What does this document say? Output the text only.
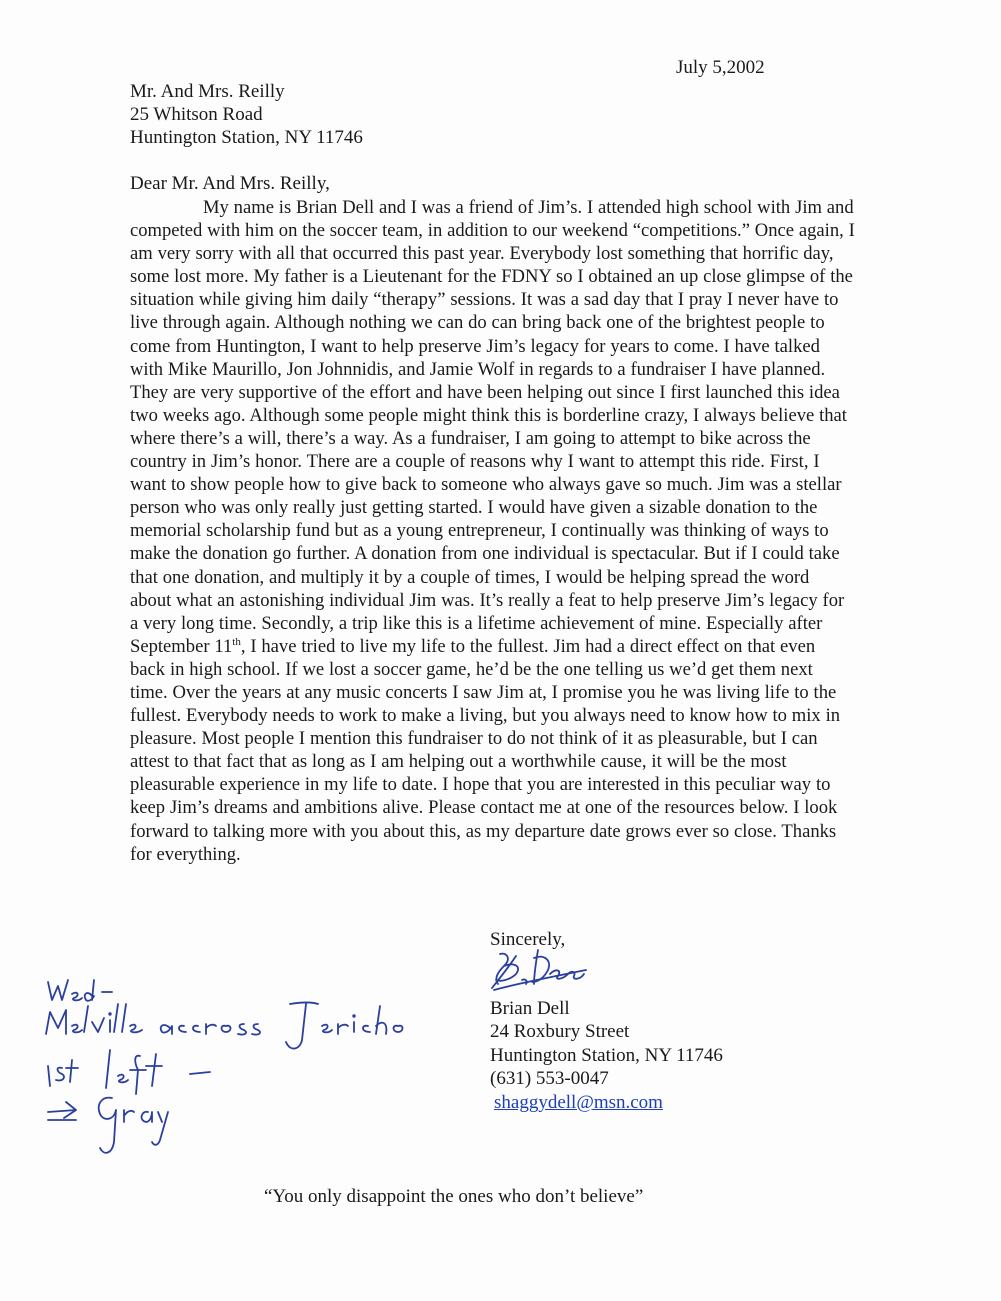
July 5,2002
Mr. And Mrs. Reilly
25 Whitson Road
Huntington Station, NY 11746
Dear Mr. And Mrs. Reilly,
My name is Brian Dell and I was a friend of Jim’s. I attended high school with Jim and competed with him on the soccer team, in addition to our weekend “competitions.” Once again, I am very sorry with all that occurred this past year. Everybody lost something that horrific day, some lost more. My father is a Lieutenant for the FDNY so I obtained an up close glimpse of the situation while giving him daily “therapy” sessions. It was a sad day that I pray I never have to live through again. Although nothing we can do can bring back one of the brightest people to come from Huntington, I want to help preserve Jim’s legacy for years to come. I have talked with Mike Maurillo, Jon Johnnidis, and Jamie Wolf in regards to a fundraiser I have planned. They are very supportive of the effort and have been helping out since I first launched this idea two weeks ago. Although some people might think this is borderline crazy, I always believe that where there’s a will, there’s a way. As a fundraiser, I am going to attempt to bike across the country in Jim’s honor. There are a couple of reasons why I want to attempt this ride. First, I want to show people how to give back to someone who always gave so much. Jim was a stellar person who was only really just getting started. I would have given a sizable donation to the memorial scholarship fund but as a young entrepreneur, I continually was thinking of ways to make the donation go further. A donation from one individual is spectacular. But if I could take that one donation, and multiply it by a couple of times, I would be helping spread the word about what an astonishing individual Jim was. It’s really a feat to help preserve Jim’s legacy for a very long time. Secondly, a trip like this is a lifetime achievement of mine. Especially after September 11th, I have tried to live my life to the fullest. Jim had a direct effect on that even back in high school. If we lost a soccer game, he’d be the one telling us we’d get them next time. Over the years at any music concerts I saw Jim at, I promise you he was living life to the fullest. Everybody needs to work to make a living, but you always need to know how to mix in pleasure. Most people I mention this fundraiser to do not think of it as pleasurable, but I can attest to that fact that as long as I am helping out a worthwhile cause, it will be the most pleasurable experience in my life to date. I hope that you are interested in this peculiar way to keep Jim’s dreams and ambitions alive. Please contact me at one of the resources below. I look forward to talking more with you about this, as my departure date grows ever so close. Thanks for everything.
Sincerely,
Brian Dell
24 Roxbury Street
Huntington Station, NY 11746
(631) 553-0047
shaggydell@msn.com
“You only disappoint the ones who don’t believe”
